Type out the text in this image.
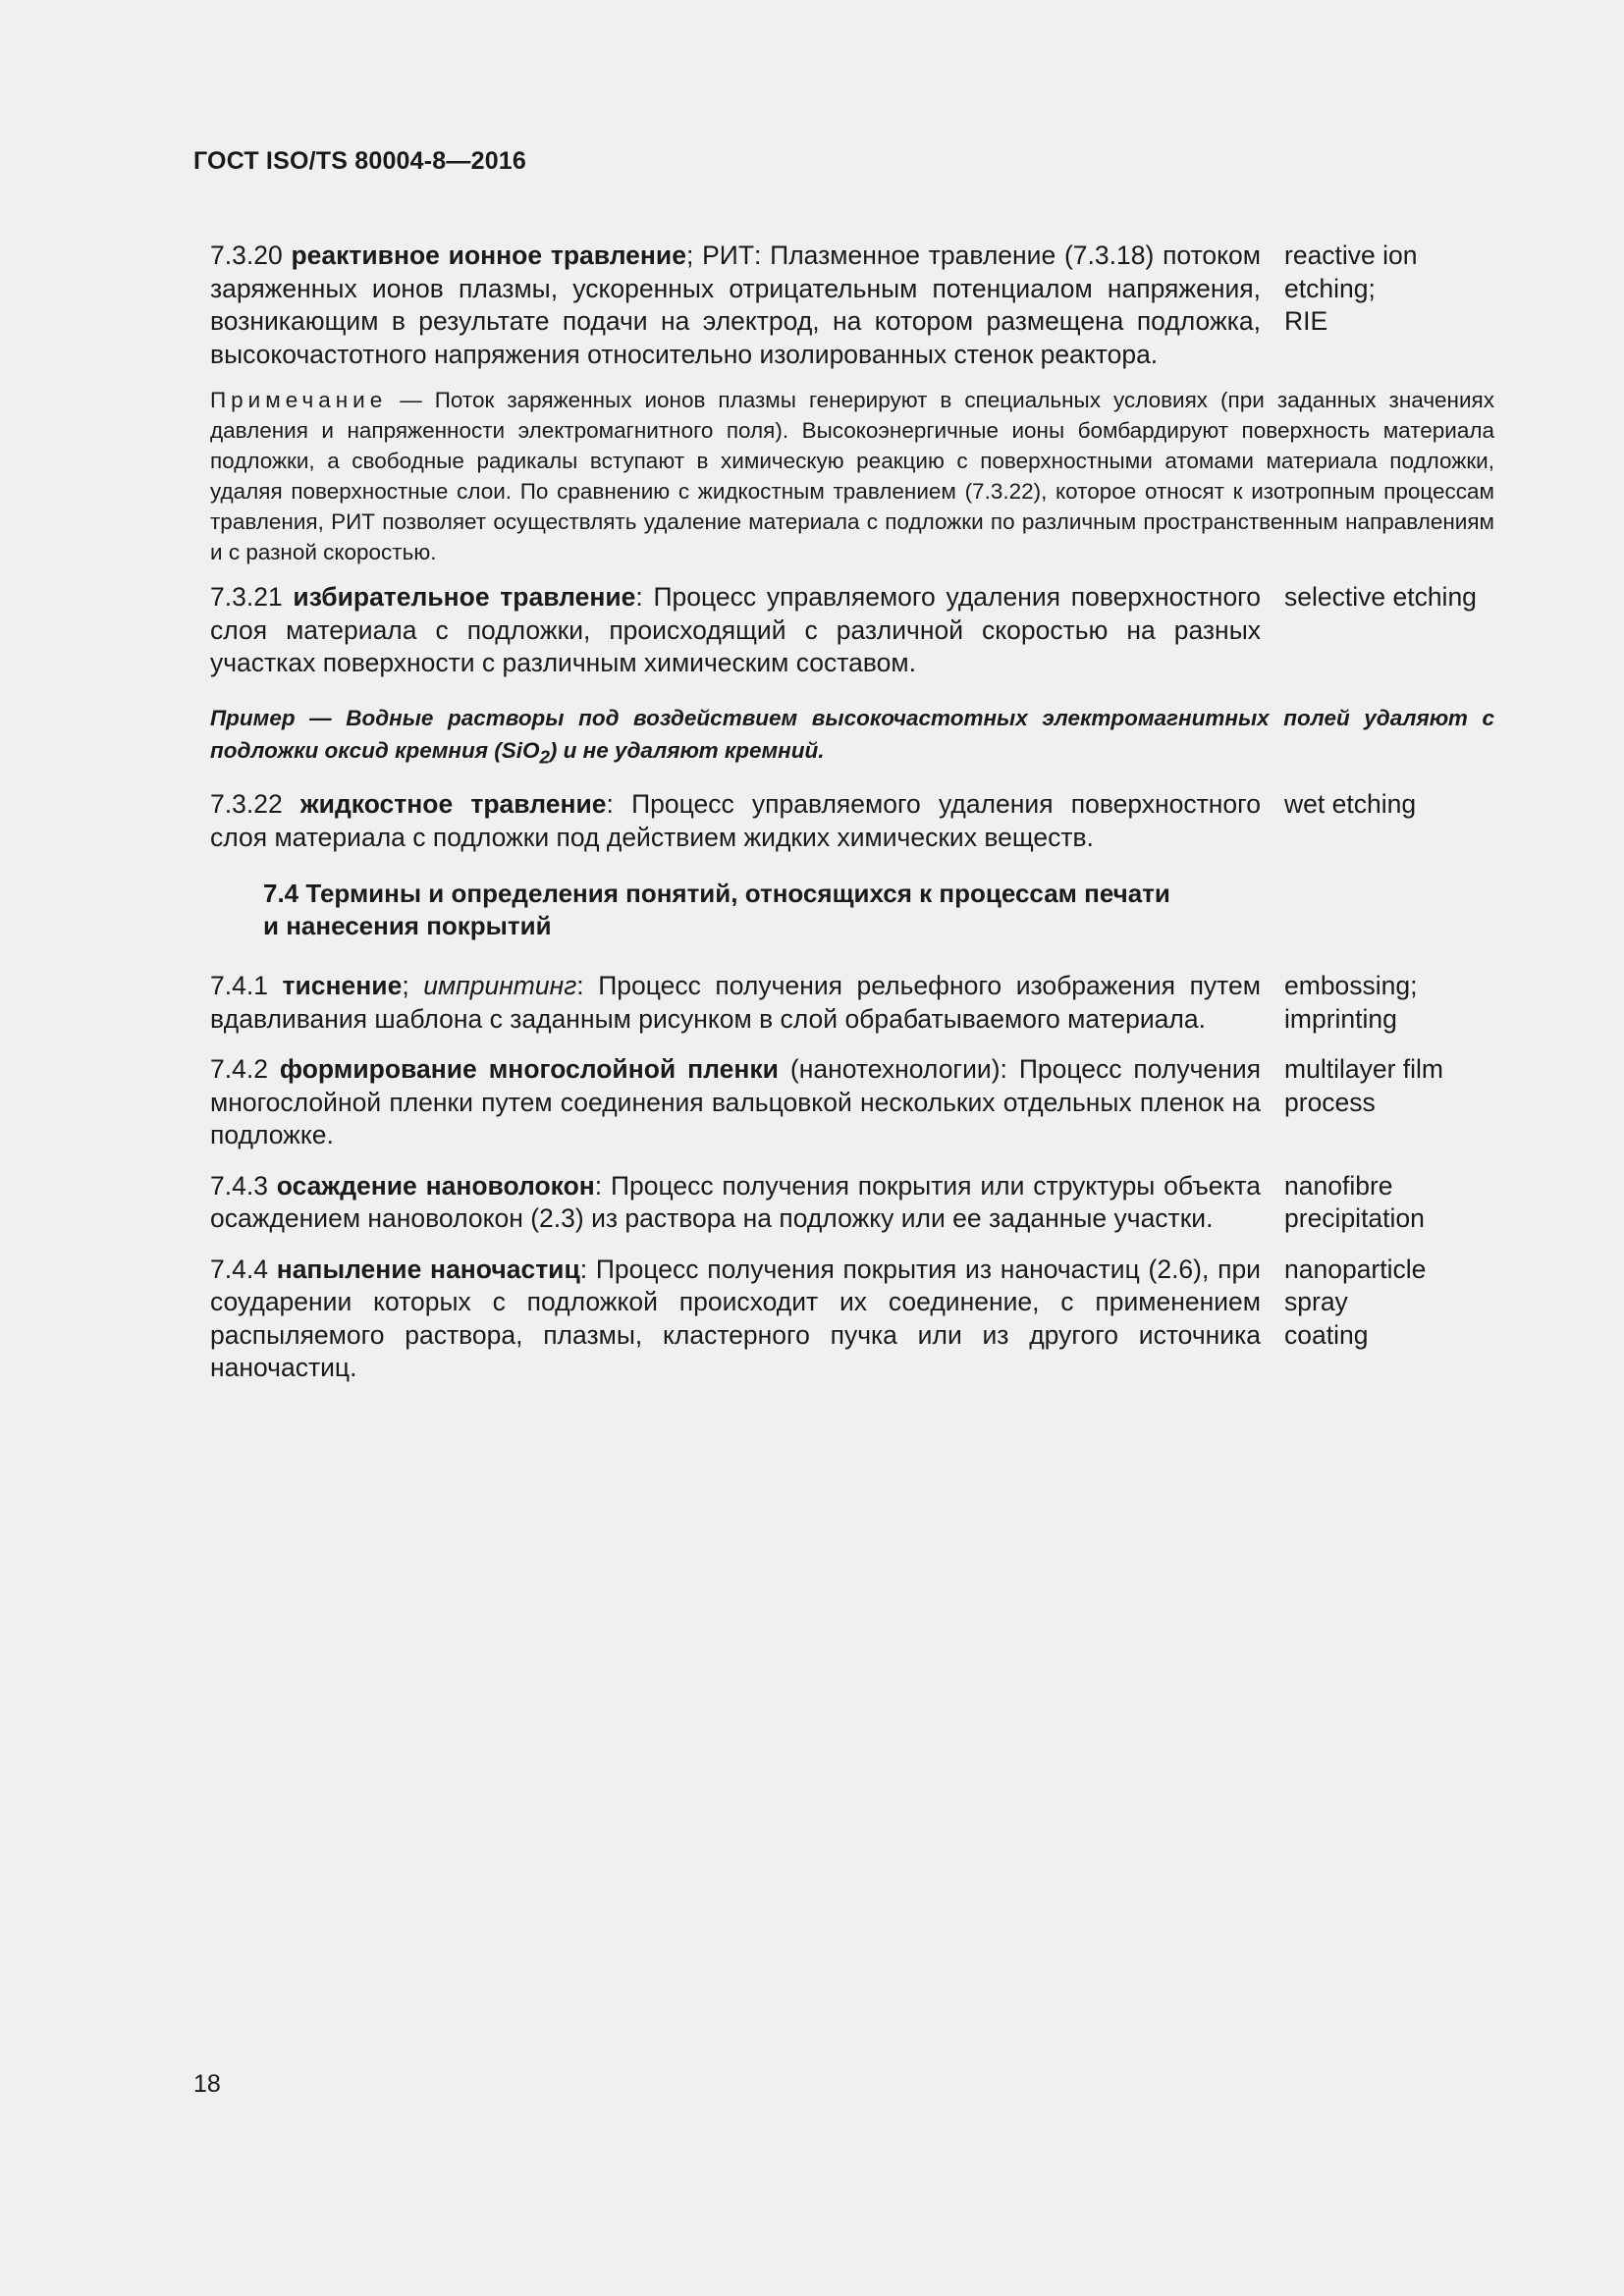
ГОСТ ISO/TS 80004-8—2016
7.3.20 реактивное ионное травление; РИТ: Плазменное травление (7.3.18) потоком заряженных ионов плазмы, ускоренных отрицательным потенциалом напряжения, возникающим в результате подачи на электрод, на котором размещена подложка, высокочастотного напряжения относительно изолированных стенок реактора.
reactive ion
etching;
RIE
Примечание — Поток заряженных ионов плазмы генерируют в специальных условиях (при заданных значениях давления и напряженности электромагнитного поля). Высокоэнергичные ионы бомбардируют поверхность материала подложки, а свободные радикалы вступают в химическую реакцию с поверхностными атомами материала подложки, удаляя поверхностные слои. По сравнению с жидкостным травлением (7.3.22), которое относят к изотропным процессам травления, РИТ позволяет осуществлять удаление материала с подложки по различным пространственным направлениям и с разной скоростью.
7.3.21 избирательное травление: Процесс управляемого удаления поверхностного слоя материала с подложки, происходящий с различной скоростью на разных участках поверхности с различным химическим составом.
selective etching
Пример — Водные растворы под воздействием высокочастотных электромагнитных полей удаляют с подложки оксид кремния (SiO$_2$) и не удаляют кремний.
7.3.22 жидкостное травление: Процесс управляемого удаления поверхностного слоя материала с подложки под действием жидких химических веществ.
wet etching
7.4 Термины и определения понятий, относящихся к процессам печати
и нанесения покрытий
7.4.1 тиснение; импринтинг: Процесс получения рельефного изображения путем вдавливания шаблона с заданным рисунком в слой обрабатываемого материала.
embossing;
imprinting
7.4.2 формирование многослойной пленки (нанотехнологии): Процесс получения многослойной пленки путем соединения вальцовкой нескольких отдельных пленок на подложке.
multilayer film
process
7.4.3 осаждение нановолокон: Процесс получения покрытия или структуры объекта осаждением нановолокон (2.3) из раствора на подложку или ее заданные участки.
nanofibre
precipitation
7.4.4 напыление наночастиц: Процесс получения покрытия из наночастиц (2.6), при соударении которых с подложкой происходит их соединение, с применением распыляемого раствора, плазмы, кластерного пучка или из другого источника наночастиц.
nanoparticle
spray
coating
18
